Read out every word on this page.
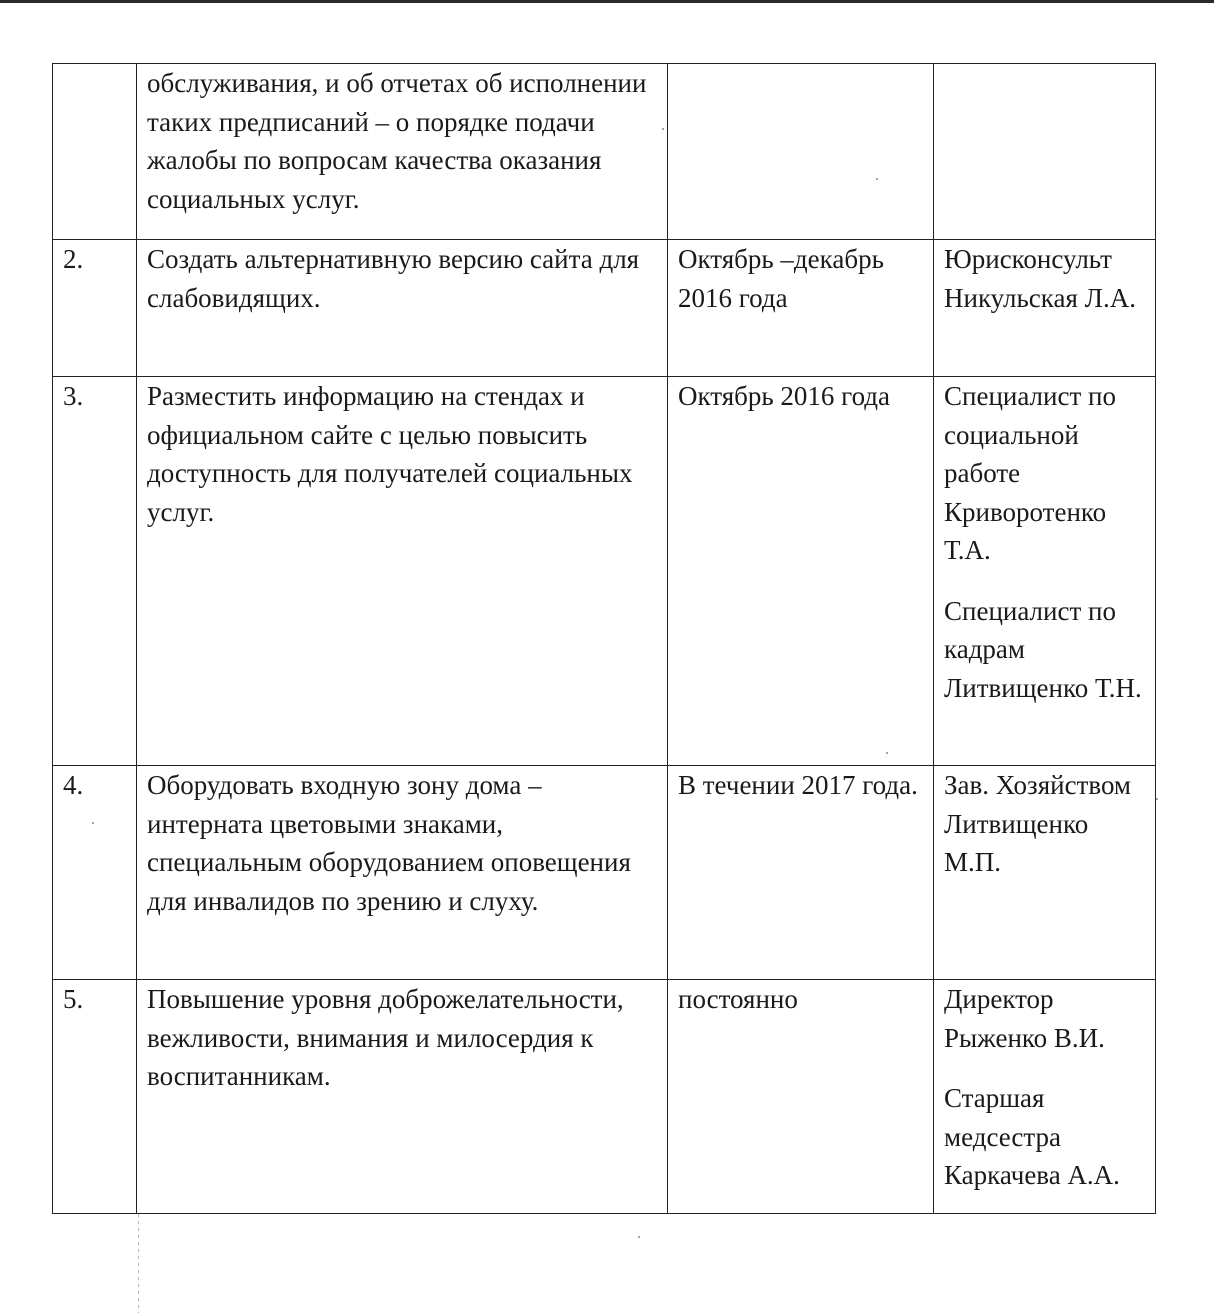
	обслуживания, и об отчетах об исполнении таких предписаний – о порядке подачи жалобы по вопросам качества оказания социальных услуг.		
2.	Создать альтернативную версию сайта для слабовидящих.	Октябрь –декабрь 2016 года	Юрисконсульт Никульская Л.А.

3.	Разместить информацию на стендах и официальном сайте с целью повысить доступность для получателей социальных услуг.	Октябрь 2016 года	Специалист по социальной работе Криворотенко Т.А.
Специалист по кадрам Литвищенко Т.Н.

4.	Оборудовать входную зону дома – интерната цветовыми знаками, специальным оборудованием оповещения для инвалидов по зрению и слуху.	В течении 2017 года.	Зав. Хозяйством Литвищенко М.П.

5.	Повышение уровня доброжелательности, вежливости, внимания и милосердия к воспитанникам.	постоянно	Директор Рыженко В.И.
Старшая медсестра Каркачева А.А.
